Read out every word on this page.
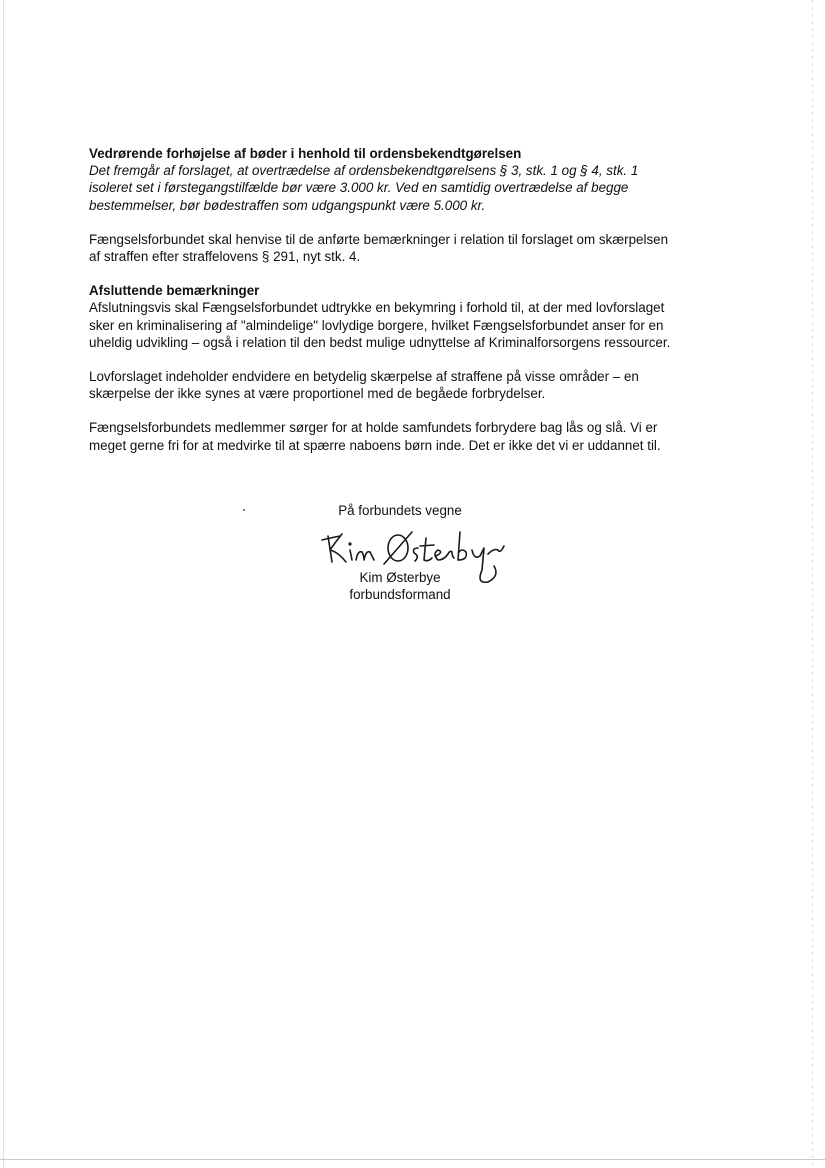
Vedrørende forhøjelse af bøder i henhold til ordensbekendtgørelsen

Det fremgår af forslaget, at overtrædelse af ordensbekendtgørelsens § 3, stk. 1 og § 4, stk. 1

isoleret set i førstegangstilfælde bør være 3.000 kr. Ved en samtidig overtrædelse af begge

bestemmelser, bør bødestraffen som udgangspunkt være 5.000 kr.

Fængselsforbundet skal henvise til de anførte bemærkninger i relation til forslaget om skærpelsen

af straffen efter straffelovens § 291, nyt stk. 4.

Afsluttende bemærkninger

Afslutningsvis skal Fængselsforbundet udtrykke en bekymring i forhold til, at der med lovforslaget

sker en kriminalisering af "almindelige" lovlydige borgere, hvilket Fængselsforbundet anser for en

uheldig udvikling – også i relation til den bedst mulige udnyttelse af Kriminalforsorgens ressourcer.

Lovforslaget indeholder endvidere en betydelig skærpelse af straffene på visse områder – en

skærpelse der ikke synes at være proportionel med de begåede forbrydelser.

Fængselsforbundets medlemmer sørger for at holde samfundets forbrydere bag lås og slå. Vi er

meget gerne fri for at medvirke til at spærre naboens børn inde. Det er ikke det vi er uddannet til.

På forbundets vegne
Kim Østerbye
forbundsformand
